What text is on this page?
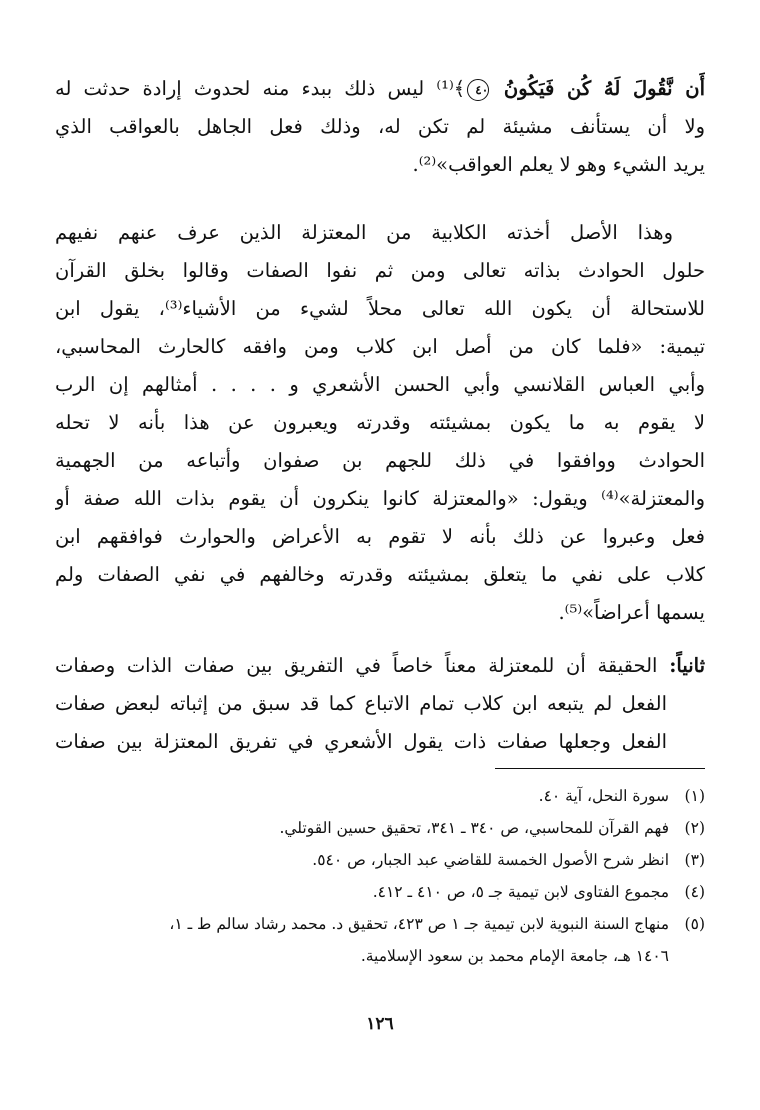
أَن نَّقُولَ لَهُ كُن فَيَكُونُ ٤٠﴾⁽¹⁾ ليس ذلك ببدء منه لحدوث إرادة حدثت له
ولا أن يستأنف مشيئة لم تكن له، وذلك فعل الجاهل بالعواقب الذي
يريد الشيء وهو لا يعلم العواقب»⁽²⁾.
وهذا الأصل أخذته الكلابية من المعتزلة الذين عرف عنهم نفيهم
حلول الحوادث بذاته تعالى ومن ثم نفوا الصفات وقالوا بخلق القرآن
للاستحالة أن يكون الله تعالى محلاً لشيء من الأشياء⁽³⁾، يقول ابن
تيمية: «فلما كان من أصل ابن كلاب ومن وافقه كالحارث المحاسبي،
وأبي العباس القلانسي وأبي الحسن الأشعري و . . . . أمثالهم إن الرب
لا يقوم به ما يكون بمشيئته وقدرته ويعبرون عن هذا بأنه لا تحله
الحوادث ووافقوا في ذلك للجهم بن صفوان وأتباعه من الجهمية
والمعتزلة»⁽⁴⁾ ويقول: «والمعتزلة كانوا ينكرون أن يقوم بذات الله صفة أو
فعل وعبروا عن ذلك بأنه لا تقوم به الأعراض والحوارث فوافقهم ابن
كلاب على نفي ما يتعلق بمشيئته وقدرته وخالفهم في نفي الصفات ولم
يسمها أعراضاً»⁽⁵⁾.
ثانياً: الحقيقة أن للمعتزلة معناً خاصاً في التفريق بين صفات الذات وصفات
الفعل لم يتبعه ابن كلاب تمام الاتباع كما قد سبق من إثباته لبعض صفات
الفعل وجعلها صفات ذات يقول الأشعري في تفريق المعتزلة بين صفات
(١)سورة النحل، آية ٤٠.
(٢)فهم القرآن للمحاسبي، ص ٣٤٠ ـ ٣٤١، تحقيق حسين القوتلي.
(٣)انظر شرح الأصول الخمسة للقاضي عبد الجبار، ص ٥٤٠.
(٤)مجموع الفتاوى لابن تيمية جـ ٥، ص ٤١٠ ـ ٤١٢.
(٥)منهاج السنة النبوية لابن تيمية جـ ١ ص ٤٢٣، تحقيق د. محمد رشاد سالم ط ـ ١،
١٤٠٦ هـ، جامعة الإمام محمد بن سعود الإسلامية.
١٢٦
